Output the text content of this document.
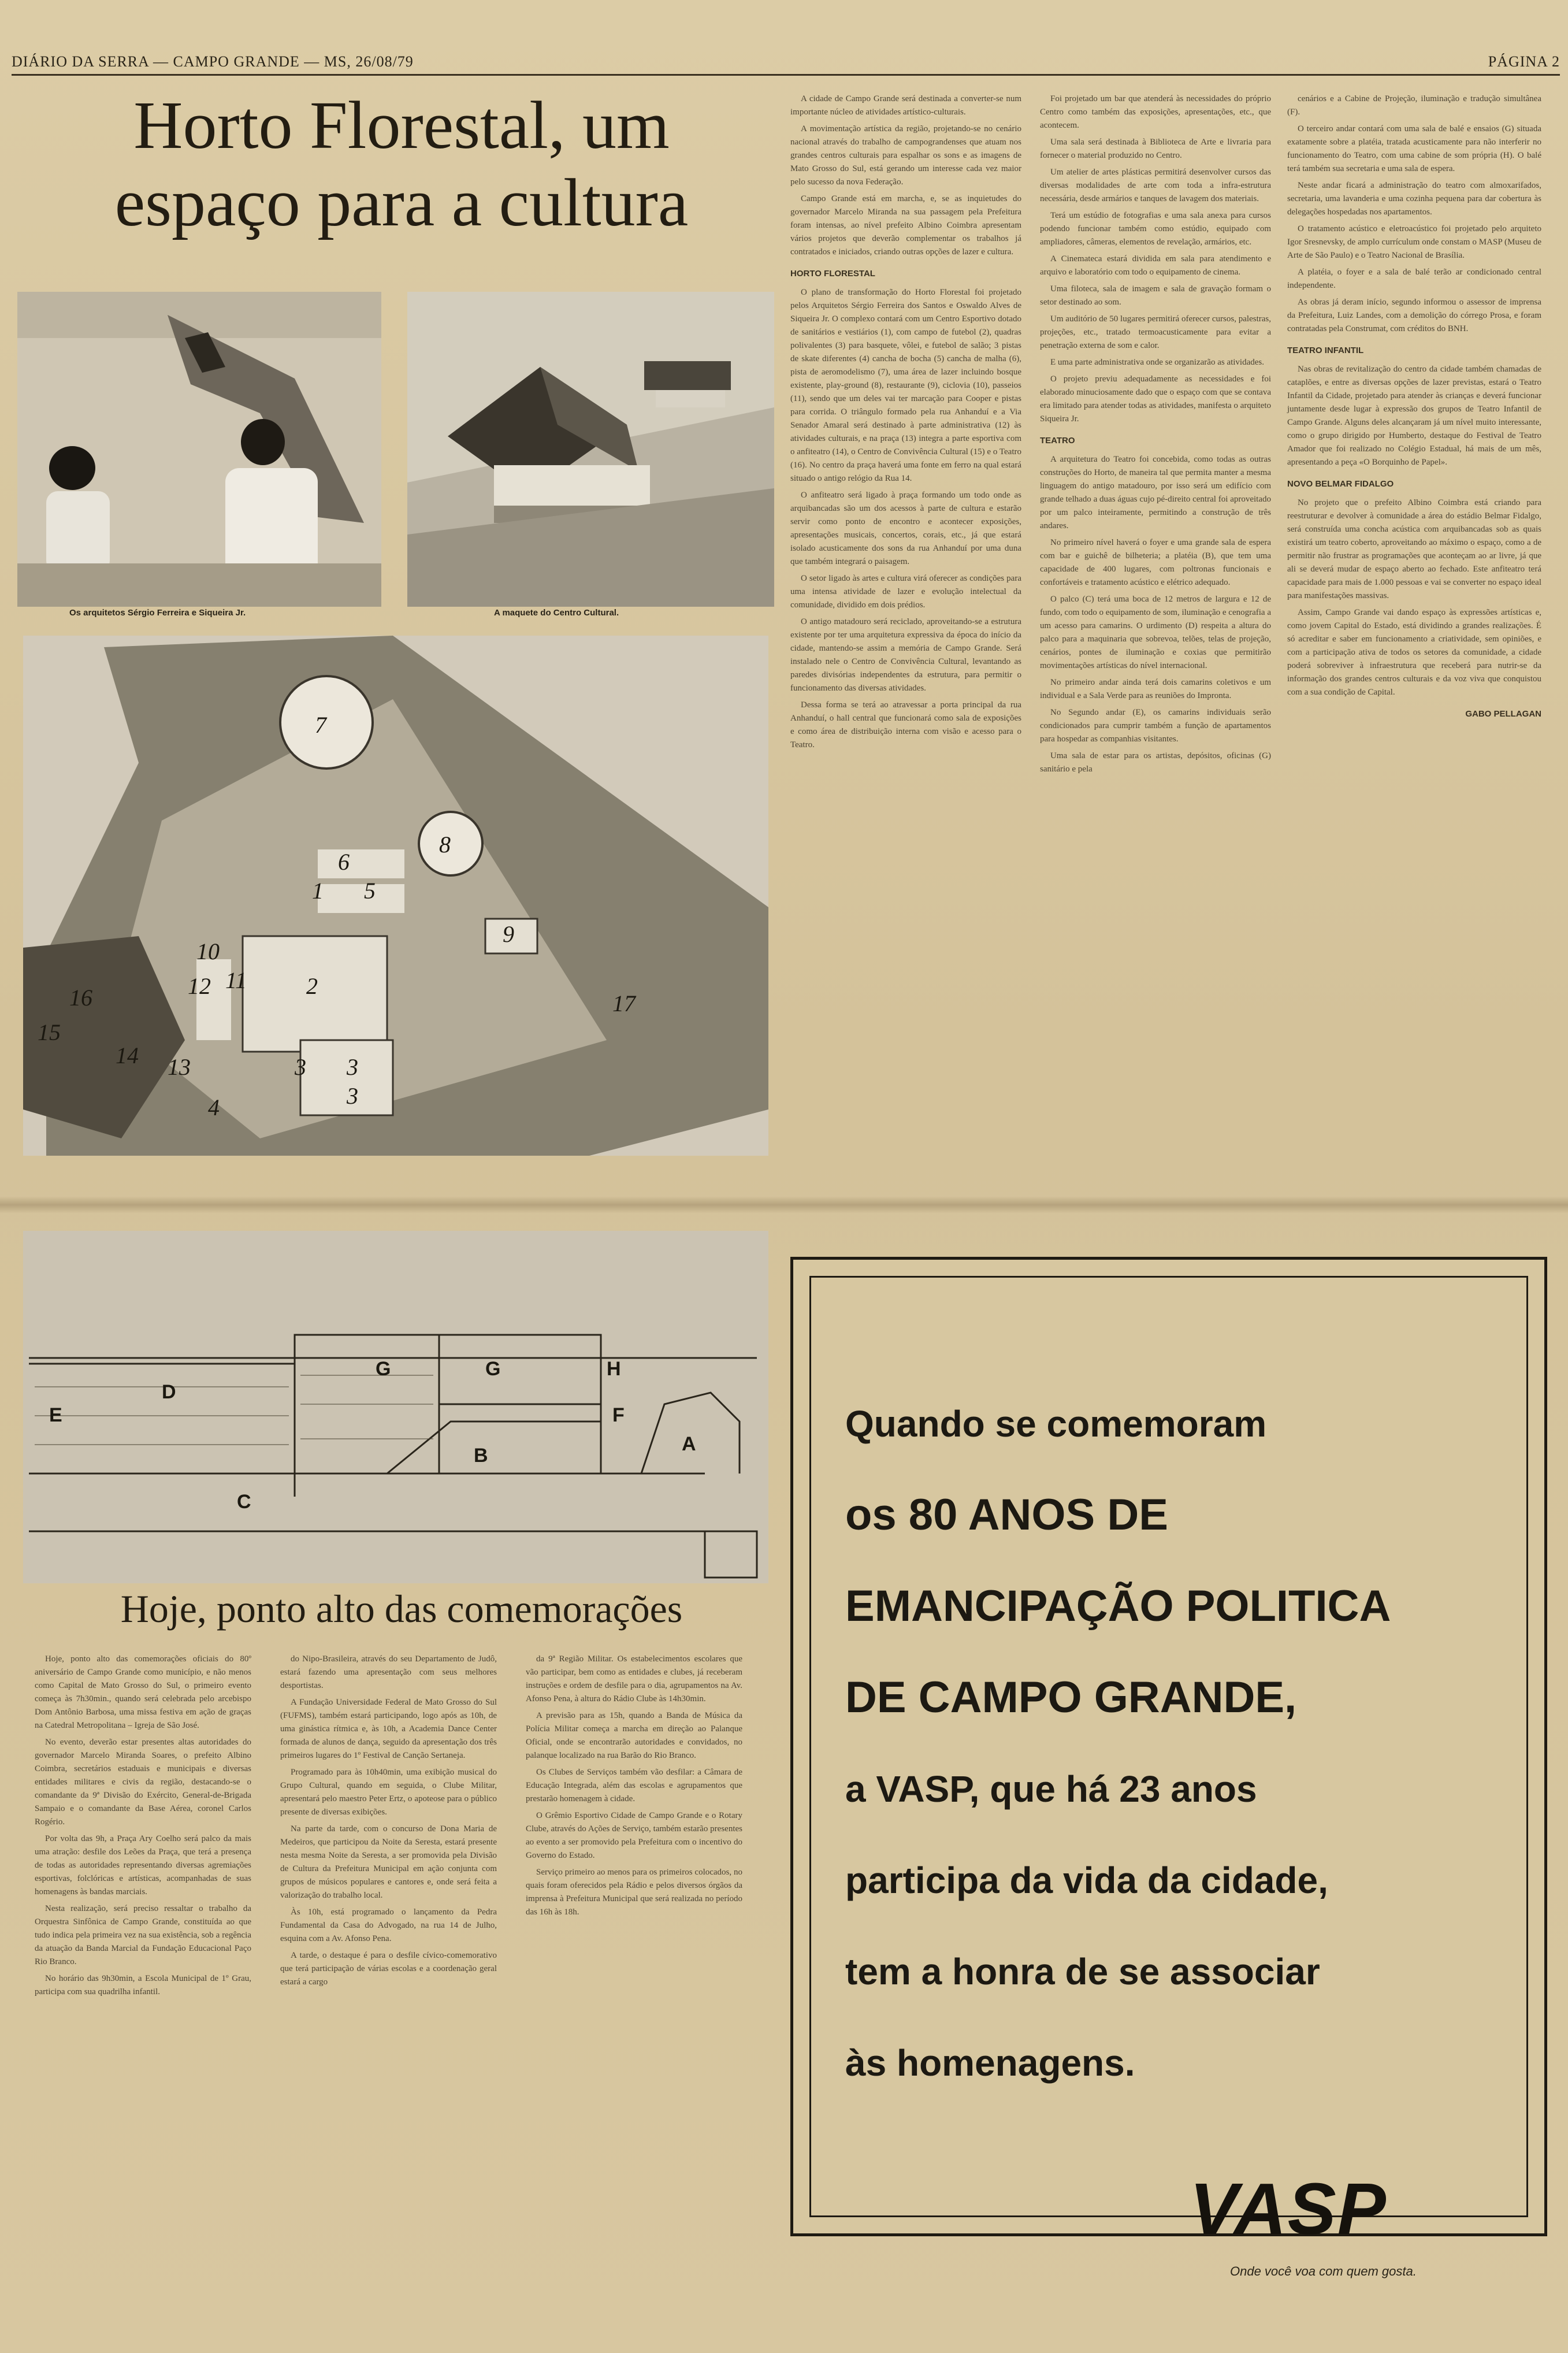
DIÁRIO DA SERRA — CAMPO GRANDE — MS, 26/08/79	PÁGINA 2
Horto Florestal, um espaço para a cultura
Os arquitetos Sérgio Ferreira e Siqueira Jr.	A maquete do Centro Cultural.
7
6
8
1 5
9
10
11
12	2
16
15
14 13	3 3
3
4
17
D
G	G	H
E	F
C
B
A

A cidade de Campo Grande será destinada a converter-se num importante núcleo de atividades artístico-culturais.

A movimentação artística da região, projetando-se no cenário nacional através do trabalho de campograndenses que atuam nos grandes centros culturais para espalhar os sons e as imagens de Mato Grosso do Sul, está gerando um interesse cada vez maior pelo sucesso da nova Federação.

Campo Grande está em marcha, e, se as inquietudes do governador Marcelo Miranda na sua passagem pela Prefeitura foram intensas, ao nível prefeito Albino Coimbra apresentam vários projetos que deverão complementar os trabalhos já contratados e iniciados, criando outras opções de lazer e cultura.

HORTO FLORESTAL

O plano de transformação do Horto Florestal foi projetado pelos Arquitetos Sérgio Ferreira dos Santos e Oswaldo Alves de Siqueira Jr. O complexo contará com um Centro Esportivo dotado de sanitários e vestiários (1), com campo de futebol (2), quadras polivalentes (3) para basquete, vôlei, e futebol de salão; 3 pistas de skate diferentes (4) cancha de bocha (5) cancha de malha (6), pista de aeromodelismo (7), uma área de lazer incluindo bosque existente, play-ground (8), restaurante (9), ciclovia (10), passeios (11), sendo que um deles vai ter marcação para Cooper e pistas para corrida. O triângulo formado pela rua Anhanduí e a Via Senador Amaral será destinado à parte administrativa (12) às atividades culturais, e na praça (13) integra a parte esportiva com o anfiteatro (14), o Centro de Convivência Cultural (15) e o Teatro (16). No centro da praça haverá uma fonte em ferro na qual estará situado o antigo relógio da Rua 14.

O anfiteatro será ligado à praça formando um todo onde as arquibancadas são um dos acessos à parte de cultura e estarão servir como ponto de encontro e acontecer exposições, apresentações musicais, concertos, corais, etc., já que estará isolado acusticamente dos sons da rua Anhanduí por uma duna que também integrará o paisagem.

O setor ligado às artes e cultura virá oferecer as condições para uma intensa atividade de lazer e evolução intelectual da comunidade, dividido em dois prédios.

O antigo matadouro será reciclado, aproveitando-se a estrutura existente por ter uma arquitetura expressiva da época do início da cidade, mantendo-se assim a memória de Campo Grande. Será instalado nele o Centro de Convivência Cultural, levantando as paredes divisórias independentes da estrutura, para permitir o funcionamento das diversas atividades.

Dessa forma se terá ao atravessar a porta principal da rua Anhanduí, o hall central que funcionará como sala de exposições e como área de distribuição interna com visão e acesso para o Teatro.

Foi projetado um bar que atenderá às necessidades do próprio Centro como também das exposições, apresentações, etc., que acontecem.

Uma sala será destinada à Biblioteca de Arte e livraria para fornecer o material produzido no Centro.

Um atelier de artes plásticas permitirá desenvolver cursos das diversas modalidades de arte com toda a infra-estrutura necessária, desde armários e tanques de lavagem dos materiais.

Terá um estúdio de fotografias e uma sala anexa para cursos podendo funcionar também como estúdio, equipado com ampliadores, câmeras, elementos de revelação, armários, etc.

A Cinemateca estará dividida em sala para atendimento e arquivo e laboratório com todo o equipamento de cinema.

Uma filoteca, sala de imagem e sala de gravação formam o setor destinado ao som.

Um auditório de 50 lugares permitirá oferecer cursos, palestras, projeções, etc., tratado termoacusticamente para evitar a penetração externa de som e calor.

E uma parte administrativa onde se organizarão as atividades.

O projeto previu adequadamente as necessidades e foi elaborado minuciosamente dado que o espaço com que se contava era limitado para atender todas as atividades, manifesta o arquiteto Siqueira Jr.

TEATRO

A arquitetura do Teatro foi concebida, como todas as outras construções do Horto, de maneira tal que permita manter a mesma linguagem do antigo matadouro, por isso será um edifício com grande telhado a duas águas cujo pé-direito central foi aproveitado por um palco inteiramente, permitindo a construção de três andares.

No primeiro nível haverá o foyer e uma grande sala de espera com bar e guichê de bilheteria; a platéia (B), que tem uma capacidade de 400 lugares, com poltronas funcionais e confortáveis e tratamento acústico e elétrico adequado.

O palco (C) terá uma boca de 12 metros de largura e 12 de fundo, com todo o equipamento de som, iluminação e cenografia a um acesso para camarins. O urdimento (D) respeita a altura do palco para a maquinaria que sobrevoa, telões, telas de projeção, cenários, pontes de iluminação e coxias que permitirão movimentações artísticas do nível internacional.

No primeiro andar ainda terá dois camarins coletivos e um individual e a Sala Verde para as reuniões do Impronta.

No Segundo andar (E), os camarins individuais serão condicionados para cumprir também a função de apartamentos para hospedar as companhias visitantes.

Uma sala de estar para os artistas, depósitos, oficinas (G) sanitário e pela

cenários e a Cabine de Projeção, iluminação e tradução simultânea (F).

O terceiro andar contará com uma sala de balé e ensaios (G) situada exatamente sobre a platéia, tratada acusticamente para não interferir no funcionamento do Teatro, com uma cabine de som própria (H). O balé terá também sua secretaria e uma sala de espera.

Neste andar ficará a administração do teatro com almoxarifados, secretaria, uma lavanderia e uma cozinha pequena para dar cobertura às delegações hospedadas nos apartamentos.

O tratamento acústico e eletroacústico foi projetado pelo arquiteto Igor Sresnevsky, de amplo currículum onde constam o MASP (Museu de Arte de São Paulo) e o Teatro Nacional de Brasília.

A platéia, o foyer e a sala de balé terão ar condicionado central independente.

As obras já deram início, segundo informou o assessor de imprensa da Prefeitura, Luiz Landes, com a demolição do córrego Prosa, e foram contratadas pela Construmat, com créditos do BNH.

TEATRO INFANTIL

Nas obras de revitalização do centro da cidade também chamadas de cataplões, e entre as diversas opções de lazer previstas, estará o Teatro Infantil da Cidade, projetado para atender às crianças e deverá funcionar juntamente desde lugar à expressão dos grupos de Teatro Infantil de Campo Grande. Alguns deles alcançaram já um nível muito interessante, como o grupo dirigido por Humberto, destaque do Festival de Teatro Amador que foi realizado no Colégio Estadual, há mais de um mês, apresentando a peça «O Borquinho de Papel».

NOVO BELMAR FIDALGO

No projeto que o prefeito Albino Coimbra está criando para reestruturar e devolver à comunidade a área do estádio Belmar Fidalgo, será construída uma concha acústica com arquibancadas sob as quais existirá um teatro coberto, aproveitando ao máximo o espaço, como a de permitir não frustrar as programações que aconteçam ao ar livre, já que ali se deverá mudar de espaço aberto ao fechado. Este anfiteatro terá capacidade para mais de 1.000 pessoas e vai se converter no espaço ideal para manifestações massivas.

Assim, Campo Grande vai dando espaço às expressões artísticas e, como jovem Capital do Estado, está dividindo a grandes realizações. É só acreditar e saber em funcionamento a criatividade, sem opiniões, e com a participação ativa de todos os setores da comunidade, a cidade poderá sobreviver à infraestrutura que receberá para nutrir-se da informação dos grandes centros culturais e da voz viva que conquistou com a sua condição de Capital.

GABO PELLAGAN
Hoje, ponto alto das comemorações

Hoje, ponto alto das comemorações oficiais do 80º aniversário de Campo Grande como município, e não menos como Capital de Mato Grosso do Sul, o primeiro evento começa às 7h30min., quando será celebrada pelo arcebispo Dom Antônio Barbosa, uma missa festiva em ação de graças na Catedral Metropolitana – Igreja de São José.

No evento, deverão estar presentes altas autoridades do governador Marcelo Miranda Soares, o prefeito Albino Coimbra, secretários estaduais e municipais e diversas entidades militares e civis da região, destacando-se o comandante da 9ª Divisão do Exército, General-de-Brigada Sampaio e o comandante da Base Aérea, coronel Carlos Rogério.

Por volta das 9h, a Praça Ary Coelho será palco da mais uma atração: desfile dos Leões da Praça, que terá a presença de todas as autoridades representando diversas agremiações esportivas, folclóricas e artísticas, acompanhadas de suas homenagens às bandas marciais.

Nesta realização, será preciso ressaltar o trabalho da Orquestra Sinfônica de Campo Grande, constituída ao que tudo indica pela primeira vez na sua existência, sob a regência da atuação da Banda Marcial da Fundação Educacional Paço Rio Branco.

No horário das 9h30min, a Escola Municipal de 1º Grau, participa com sua quadrilha infantil.

do Nipo-Brasileira, através do seu Departamento de Judô, estará fazendo uma apresentação com seus melhores desportistas.

A Fundação Universidade Federal de Mato Grosso do Sul (FUFMS), também estará participando, logo após as 10h, de uma ginástica rítmica e, às 10h, a Academia Dance Center formada de alunos de dança, seguido da apresentação dos três primeiros lugares do 1º Festival de Canção Sertaneja.

Programado para às 10h40min, uma exibição musical do Grupo Cultural, quando em seguida, o Clube Militar, apresentará pelo maestro Peter Ertz, o apoteose para o público presente de diversas exibições.

Na parte da tarde, com o concurso de Dona Maria de Medeiros, que participou da Noite da Seresta, estará presente nesta mesma Noite da Seresta, a ser promovida pela Divisão de Cultura da Prefeitura Municipal em ação conjunta com grupos de músicos populares e cantores e, onde será feita a valorização do trabalho local.

Às 10h, está programado o lançamento da Pedra Fundamental da Casa do Advogado, na rua 14 de Julho, esquina com a Av. Afonso Pena.

A tarde, o destaque é para o desfile cívico-comemorativo que terá participação de várias escolas e a coordenação geral estará a cargo

da 9ª Região Militar. Os estabelecimentos escolares que vão participar, bem como as entidades e clubes, já receberam instruções e ordem de desfile para o dia, agrupamentos na Av. Afonso Pena, à altura do Rádio Clube às 14h30min.

A previsão para as 15h, quando a Banda de Música da Polícia Militar começa a marcha em direção ao Palanque Oficial, onde se encontrarão autoridades e convidados, no palanque localizado na rua Barão do Rio Branco.

Os Clubes de Serviços também vão desfilar: a Câmara de Educação Integrada, além das escolas e agrupamentos que prestarão homenagem à cidade.

O Grêmio Esportivo Cidade de Campo Grande e o Rotary Clube, através do Ações de Serviço, também estarão presentes ao evento a ser promovido pela Prefeitura com o incentivo do Governo do Estado.

Serviço primeiro ao menos para os primeiros colocados, no quais foram oferecidos pela Rádio e pelos diversos órgãos da imprensa à Prefeitura Municipal que será realizada no período das 16h às 18h.

Quando se comemoram
os 80 ANOS DE
EMANCIPAÇÃO POLITICA
DE CAMPO GRANDE,
a VASP, que há 23 anos
participa da vida da cidade,
tem a honra de se associar
às homenagens.
VASP
Onde você voa com quem gosta.
